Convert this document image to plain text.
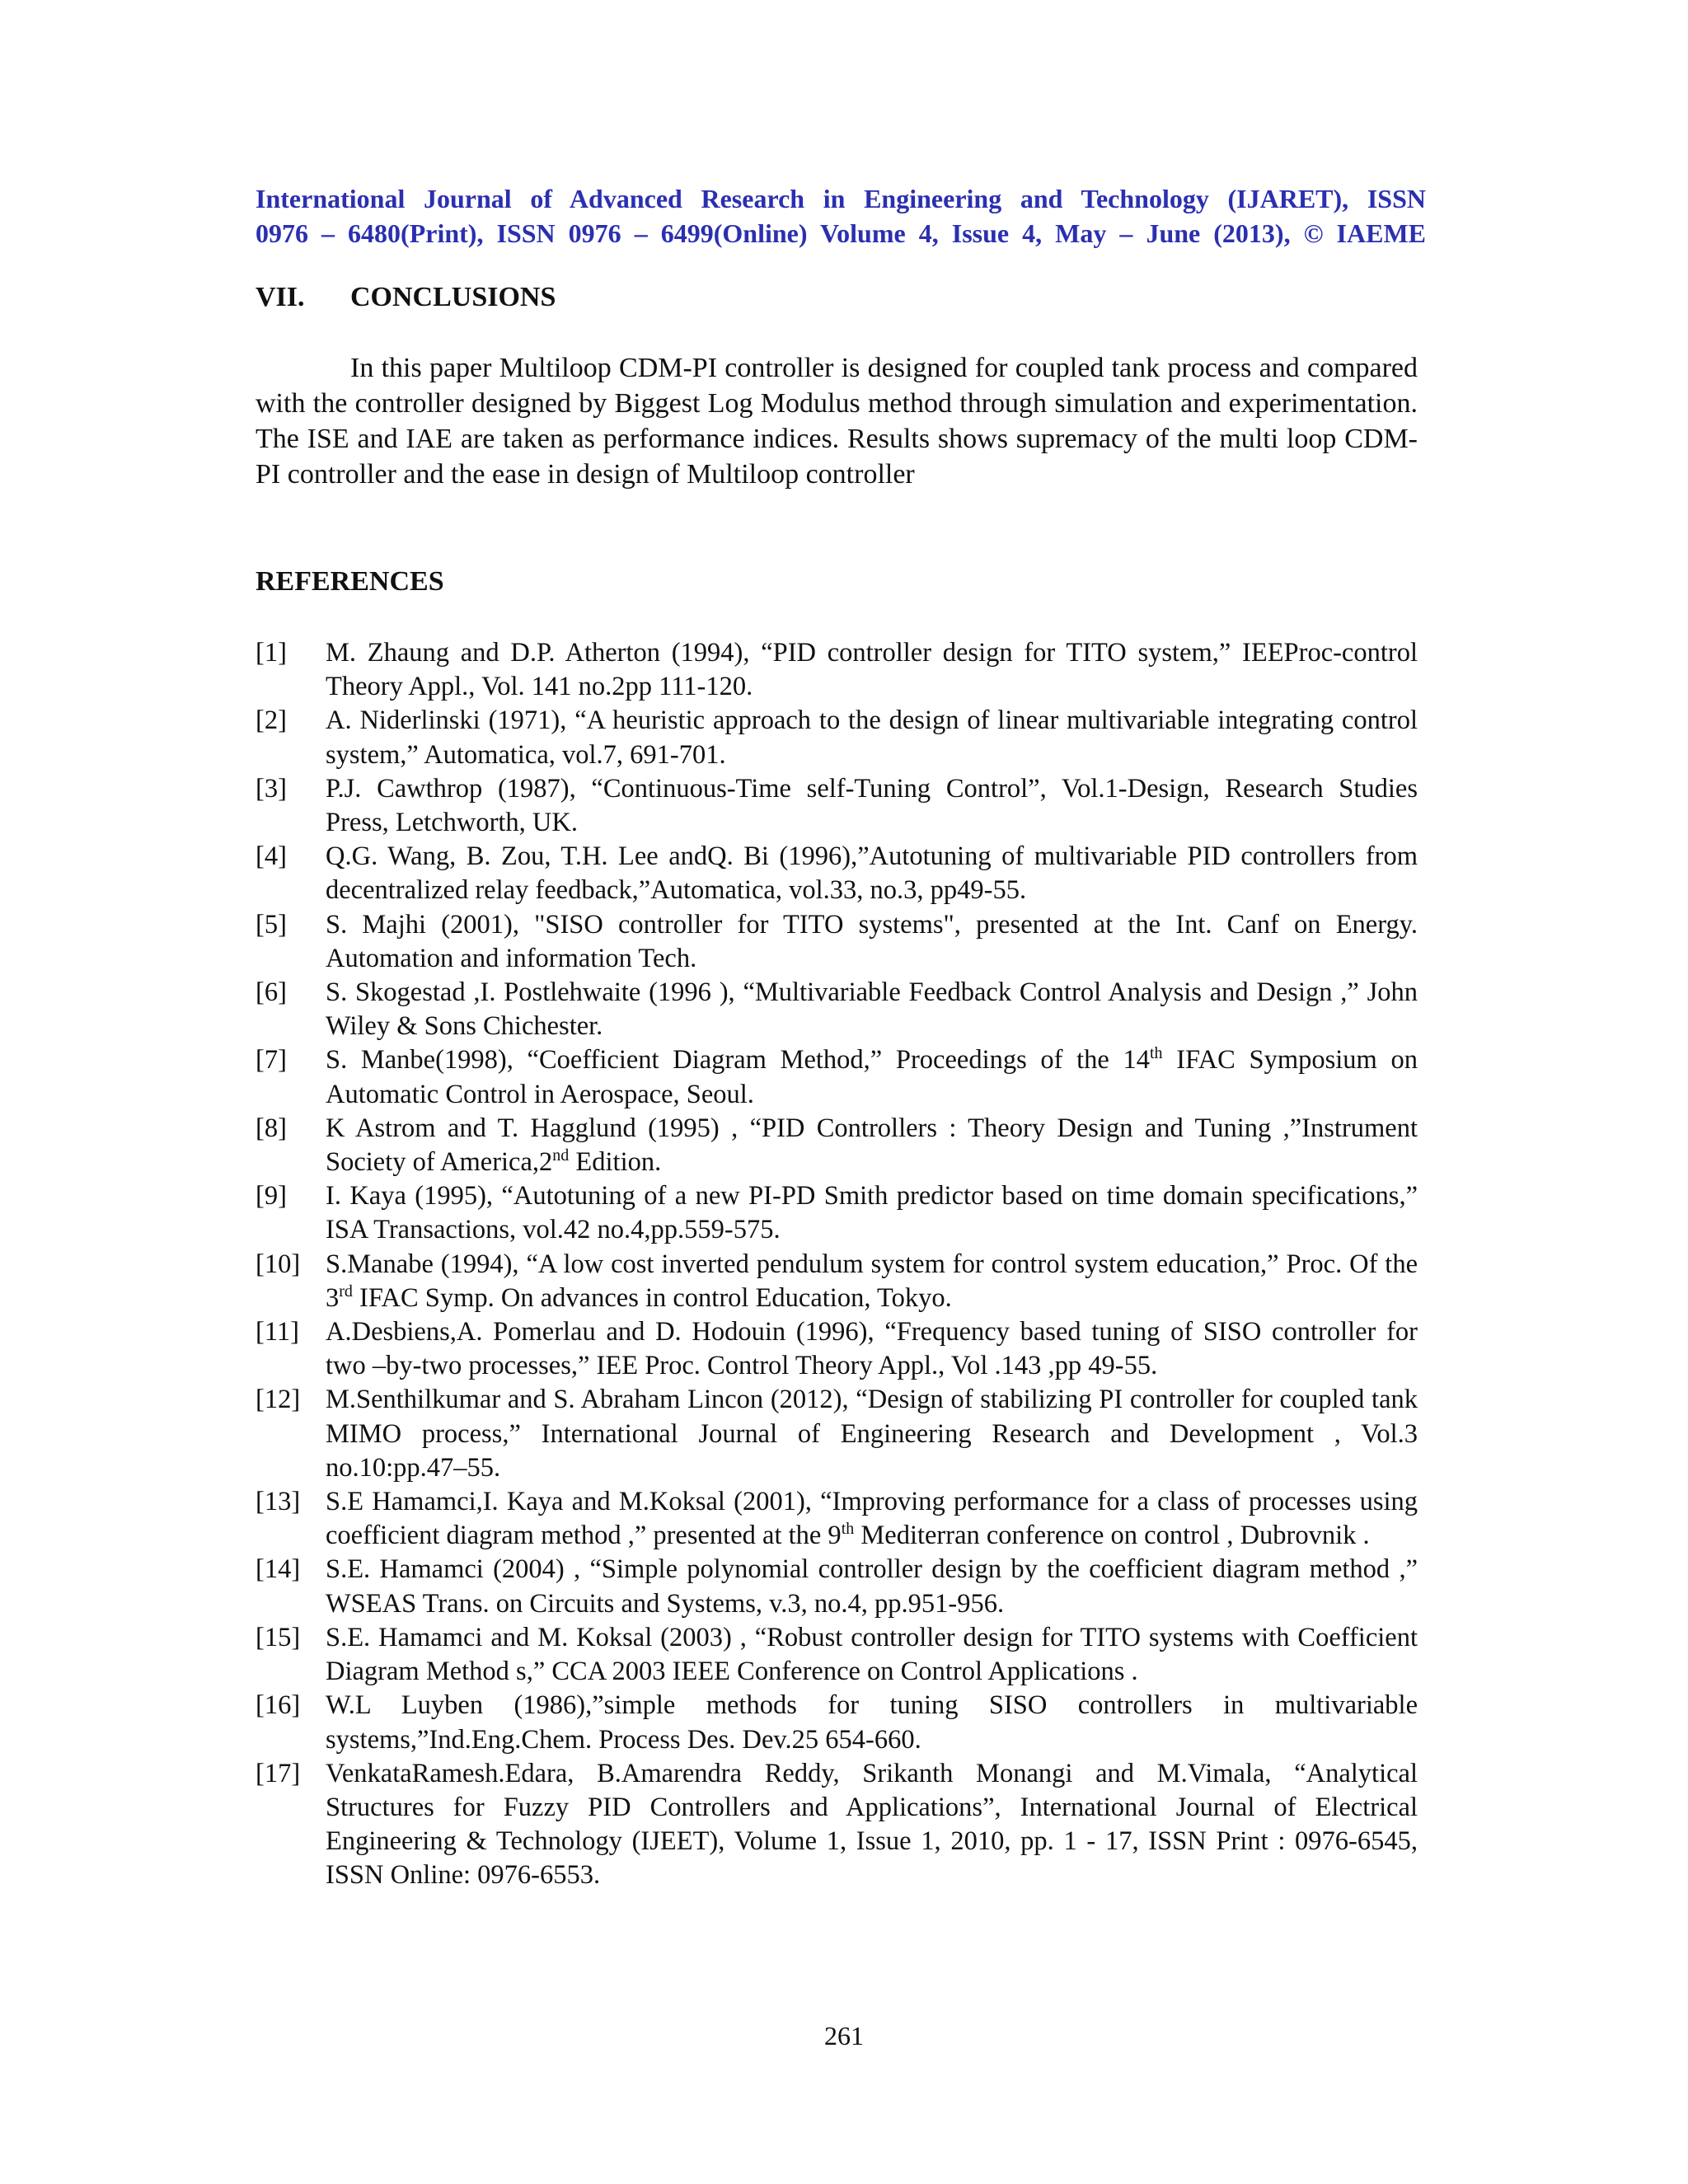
International Journal of Advanced Research in Engineering and Technology (IJARET), ISSN
0976 – 6480(Print), ISSN 0976 – 6499(Online) Volume 4, Issue 4, May – June (2013), © IAEME
VII. CONCLUSIONS

In this paper Multiloop CDM-PI controller is designed for coupled tank process and compared with the controller designed by Biggest Log Modulus method through simulation and experimentation. The ISE and IAE are taken as performance indices. Results shows supremacy of the multi loop CDM-PI controller and the ease in design of Multiloop controller

REFERENCES
[1]	M. Zhaung and D.P. Atherton (1994), “PID controller design for TITO system,” IEEProc-control Theory Appl., Vol. 141 no.2pp 111-120.
[2]	A. Niderlinski (1971), “A heuristic approach to the design of linear multivariable integrating control system,” Automatica, vol.7, 691-701.
[3]	P.J. Cawthrop (1987), “Continuous-Time self-Tuning Control”, Vol.1-Design, Research Studies Press, Letchworth, UK.
[4]	Q.G. Wang, B. Zou, T.H. Lee andQ. Bi (1996),”Autotuning of multivariable PID controllers from decentralized relay feedback,”Automatica, vol.33, no.3, pp49-55.
[5]	S. Majhi (2001), "SISO controller for TITO systems", presented at the Int. Canf on Energy. Automation and information Tech.
[6]	S. Skogestad ,I. Postlehwaite (1996 ), “Multivariable Feedback Control Analysis and Design ,” John Wiley & Sons Chichester.
[7]	S. Manbe(1998), “Coefficient Diagram Method,” Proceedings of the 14th IFAC Symposium on Automatic Control in Aerospace, Seoul.
[8]	K Astrom and T. Hagglund (1995) , “PID Controllers : Theory Design and Tuning ,”Instrument Society of America,2nd Edition.
[9]	I. Kaya (1995), “Autotuning of a new PI-PD Smith predictor based on time domain specifications,” ISA Transactions, vol.42 no.4,pp.559-575.
[10] S.Manabe (1994), “A low cost inverted pendulum system for control system education,” Proc. Of the 3rd IFAC Symp. On advances in control Education, Tokyo.
[11] A.Desbiens,A. Pomerlau and D. Hodouin (1996), “Frequency based tuning of SISO controller for two –by-two processes,” IEE Proc. Control Theory Appl., Vol .143 ,pp 49-55.
[12] M.Senthilkumar and S. Abraham Lincon (2012), “Design of stabilizing PI controller for coupled tank MIMO process,” International Journal of Engineering Research and Development , Vol.3 no.10:pp.47–55.
[13] S.E Hamamci,I. Kaya and M.Koksal (2001), “Improving performance for a class of processes using coefficient diagram method ,” presented at the 9th Mediterran conference on control , Dubrovnik .
[14] S.E. Hamamci (2004) , “Simple polynomial controller design by the coefficient diagram method ,” WSEAS Trans. on Circuits and Systems, v.3, no.4, pp.951-956.
[15] S.E. Hamamci and M. Koksal (2003) , “Robust controller design for TITO systems with Coefficient Diagram Method s,” CCA 2003 IEEE Conference on Control Applications .
[16] W.L Luyben (1986),”simple methods for tuning SISO controllers in multivariable systems,”Ind.Eng.Chem. Process Des. Dev.25 654-660.
[17] VenkataRamesh.Edara, B.Amarendra Reddy, Srikanth Monangi and M.Vimala, “Analytical Structures for Fuzzy PID Controllers and Applications”, International Journal of Electrical Engineering & Technology (IJEET), Volume 1, Issue 1, 2010, pp. 1 - 17, ISSN Print : 0976-6545, ISSN Online: 0976-6553.
261
